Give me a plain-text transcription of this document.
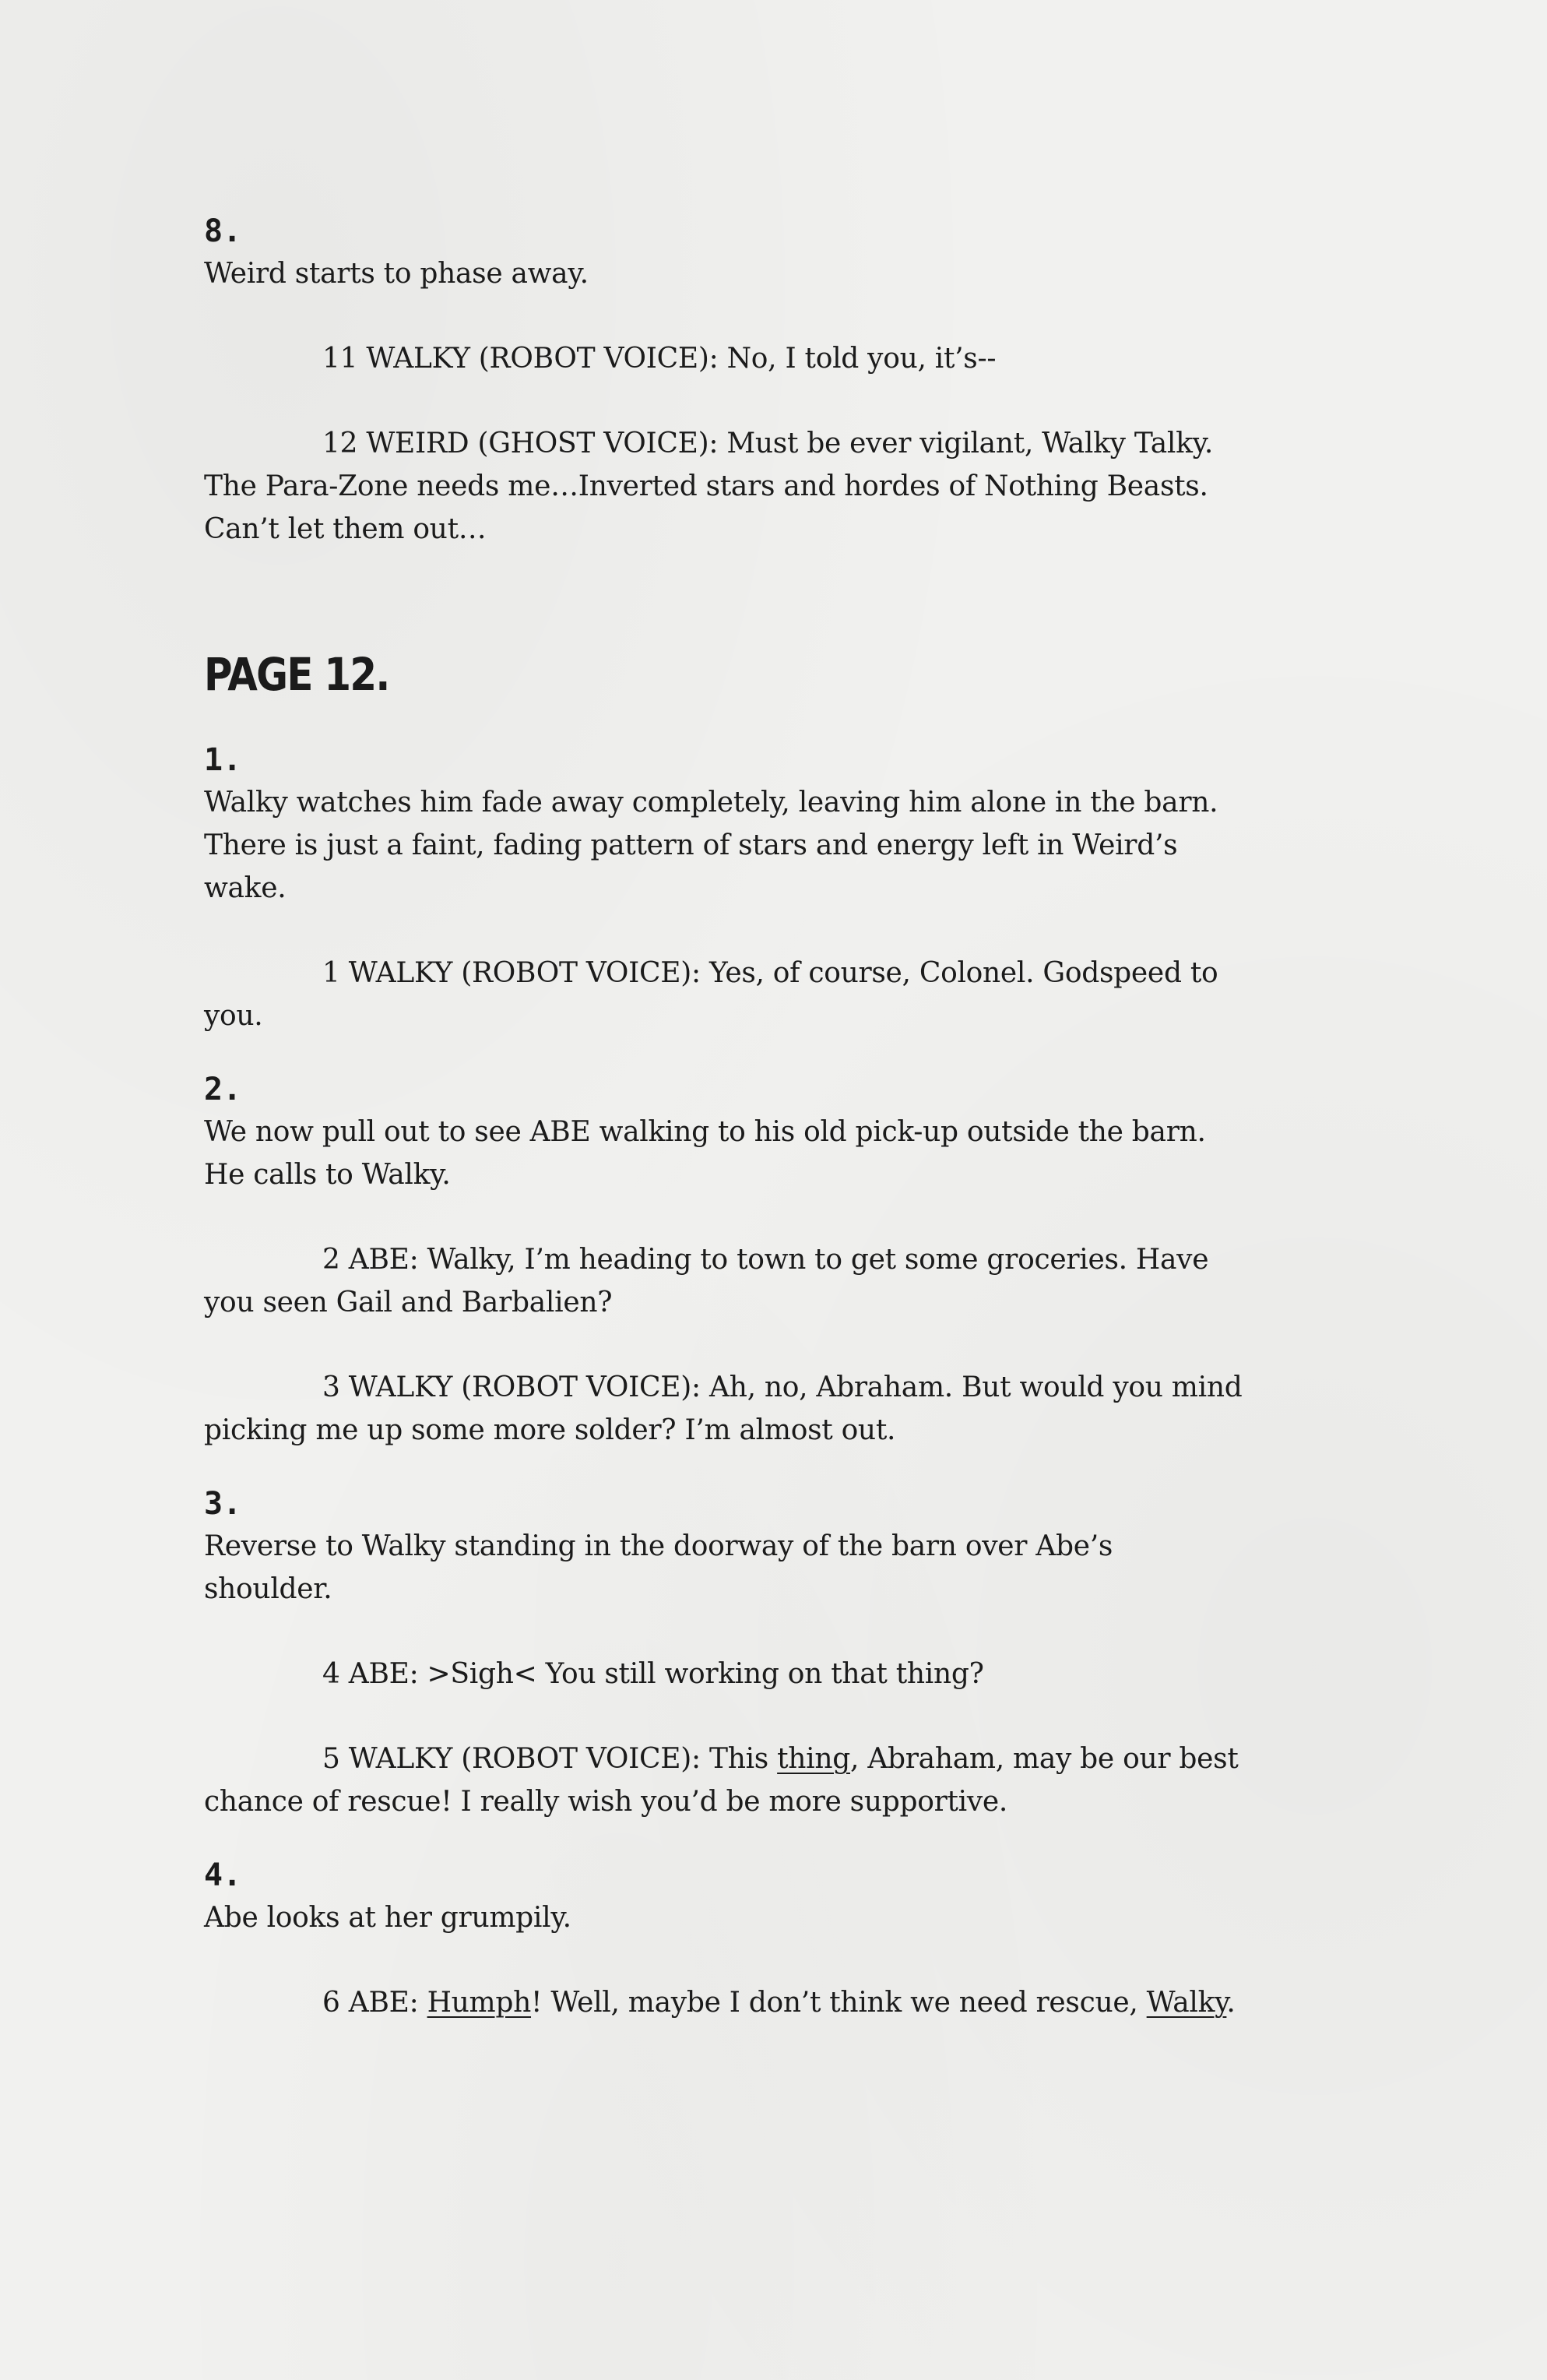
8.

Weird starts to phase away.

11 WALKY (ROBOT VOICE): No, I told you, it’s--

12 WEIRD (GHOST VOICE): Must be ever vigilant, Walky Talky.

The Para-Zone needs me…Inverted stars and hordes of Nothing Beasts.

Can’t let them out…

PAGE 12.

1.

Walky watches him fade away completely, leaving him alone in the barn.

There is just a faint, fading pattern of stars and energy left in Weird’s

wake.

1 WALKY (ROBOT VOICE): Yes, of course, Colonel. Godspeed to

you.

2.

We now pull out to see ABE walking to his old pick-up outside the barn.

He calls to Walky.

2 ABE: Walky, I’m heading to town to get some groceries. Have

you seen Gail and Barbalien?

3 WALKY (ROBOT VOICE): Ah, no, Abraham. But would you mind

picking me up some more solder? I’m almost out.

3.

Reverse to Walky standing in the doorway of the barn over Abe’s

shoulder.

4 ABE: >Sigh< You still working on that thing?

5 WALKY (ROBOT VOICE): This thing, Abraham, may be our best

chance of rescue! I really wish you’d be more supportive.

4.

Abe looks at her grumpily.

6 ABE: Humph! Well, maybe I don’t think we need rescue, Walky.
